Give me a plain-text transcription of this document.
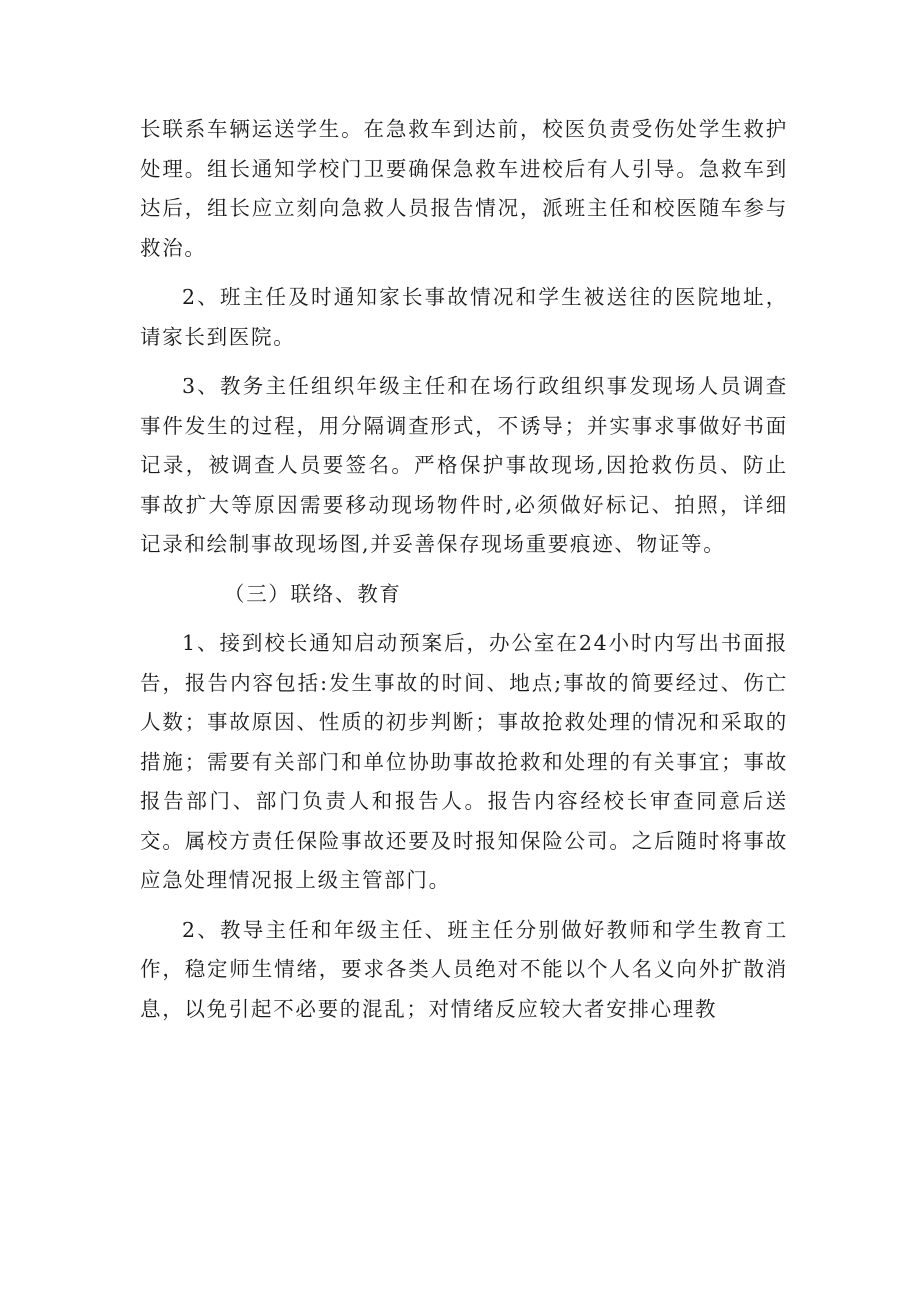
长联系车辆运送学生。在急救车到达前，校医负责受伤处学生救护处理。组长通知学校门卫要确保急救车进校后有人引导。急救车到达后，组长应立刻向急救人员报告情况，派班主任和校医随车参与救治。

2、班主任及时通知家长事故情况和学生被送往的医院地址，请家长到医院。

3、教务主任组织年级主任和在场行政组织事发现场人员调查事件发生的过程，用分隔调查形式，不诱导；并实事求事做好书面记录，被调查人员要签名。严格保护事故现场,因抢救伤员、防止事故扩大等原因需要移动现场物件时,必须做好标记、拍照，详细记录和绘制事故现场图,并妥善保存现场重要痕迹、物证等。

（三）联络、教育

1、接到校长通知启动预案后，办公室在24小时内写出书面报告，报告内容包括:发生事故的时间、地点;事故的简要经过、伤亡人数；事故原因、性质的初步判断；事故抢救处理的情况和采取的措施；需要有关部门和单位协助事故抢救和处理的有关事宜；事故报告部门、部门负责人和报告人。报告内容经校长审查同意后送交。属校方责任保险事故还要及时报知保险公司。之后随时将事故应急处理情况报上级主管部门。

2、教导主任和年级主任、班主任分别做好教师和学生教育工作，稳定师生情绪，要求各类人员绝对不能以个人名义向外扩散消息，以免引起不必要的混乱；对情绪反应较大者安排心理教
